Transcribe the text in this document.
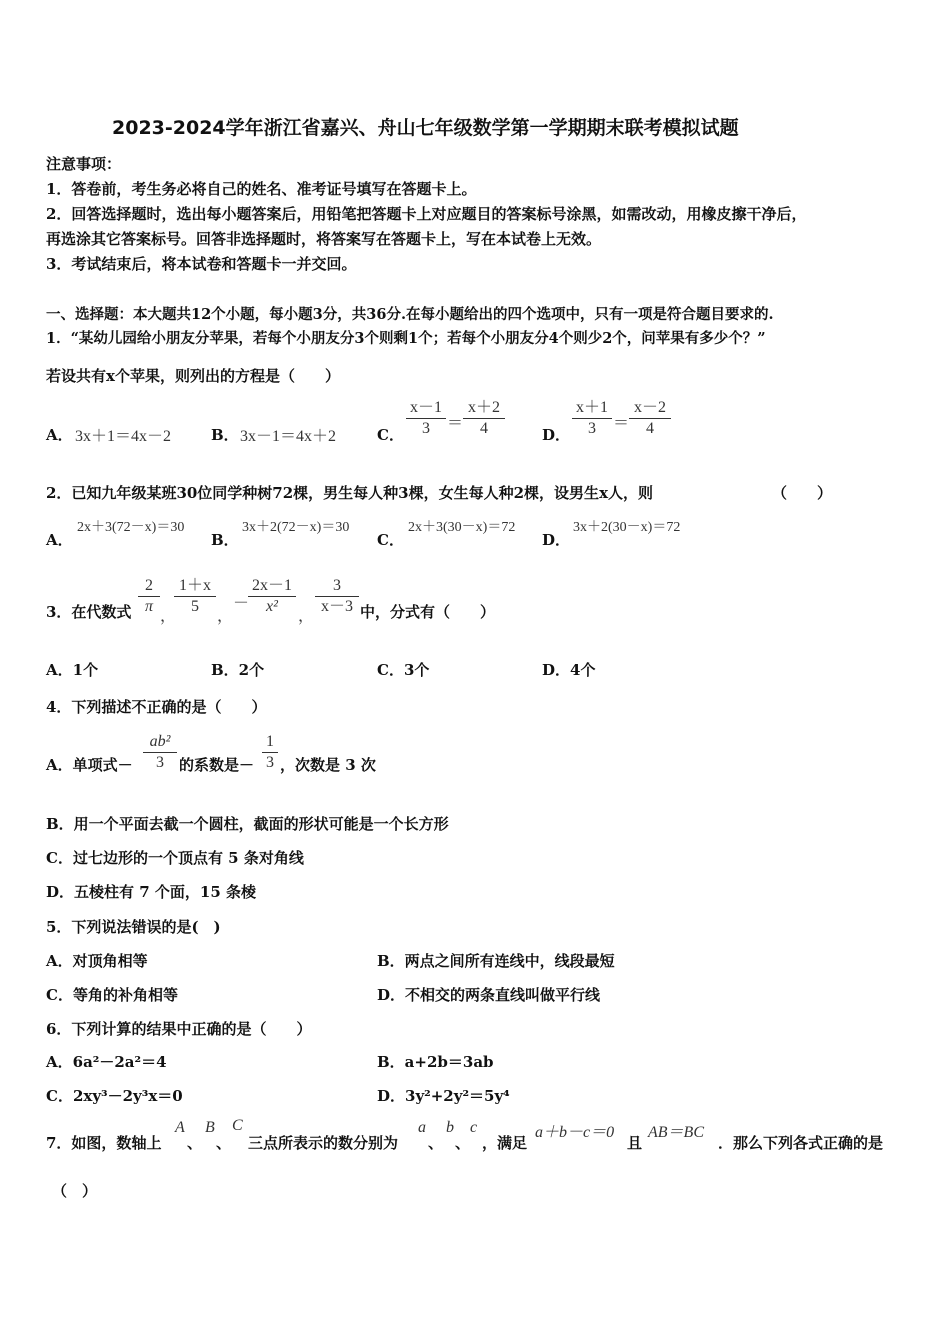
2023-2024学年浙江省嘉兴、舟山七年级数学第一学期期末联考模拟试题
注意事项：
1．答卷前，考生务必将自己的姓名、准考证号填写在答题卡上。
2．回答选择题时，选出每小题答案后，用铅笔把答题卡上对应题目的答案标号涂黑，如需改动，用橡皮擦干净后，
再选涂其它答案标号。回答非选择题时，将答案写在答题卡上，写在本试卷上无效。
3．考试结束后，将本试卷和答题卡一并交回。
一、选择题：本大题共12个小题，每小题3分，共36分.在每小题给出的四个选项中，只有一项是符合题目要求的.
1．“某幼儿园给小朋友分苹果，若每个小朋友分3个则剩1个；若每个小朋友分4个则少2个，问苹果有多少个？”
若设共有x个苹果，则列出的方程是（　　）
A． 3x＋1＝4x－2	B． 3x－1＝4x＋2	C． $\frac{x-1}{3} = \frac{x+2}{4}$ D． $\frac{x+1}{3} = \frac{x-2}{4}$
2．已知九年级某班30位同学种树72棵，男生每人种3棵，女生每人种2棵，设男生x人，则	（　　）
A．
2x＋3(72－x)＝30
B．
3x＋2(72－x)＝30
C．
2x＋3(30－x)＝72
D．
3x＋2(30－x)＝72
3．在代数式 $\frac{2}{\pi}$ ，
$\frac{1+x}{5}$ ，
－
$\frac{2x-1}{\text{x²}}$ ， $\frac{3}{x-3}$ 中，分式有（　　）
A．1个	B．2个	C．3个	D．4个
4．下列描述不正确的是（　　）
A．单项式－ $\frac{\text{ab²}}{3}$ 的系数是－ $\frac{1}{3}$ ，次数是 3 次
B．用一个平面去截一个圆柱，截面的形状可能是一个长方形
C．过七边形的一个顶点有 5 条对角线
D．五棱柱有 7 个面，15 条棱
5．下列说法错误的是(　)
A．对顶角相等	B．两点之间所有连线中，线段最短
C．等角的补角相等	D．不相交的两条直线叫做平行线
6．下列计算的结果中正确的是（　　）
A．6a²－2a²＝4	B．a+2b＝3ab
C．2xy³－2y³x＝0	D．3y²+2y²＝5y⁴
7．如图，数轴上
A
、
B
、
C
三点所表示的数分别为
a
、
b
、
c
，满足
a＋b－c＝0
且
AB＝BC
．那么下列各式正确的是
（　）
